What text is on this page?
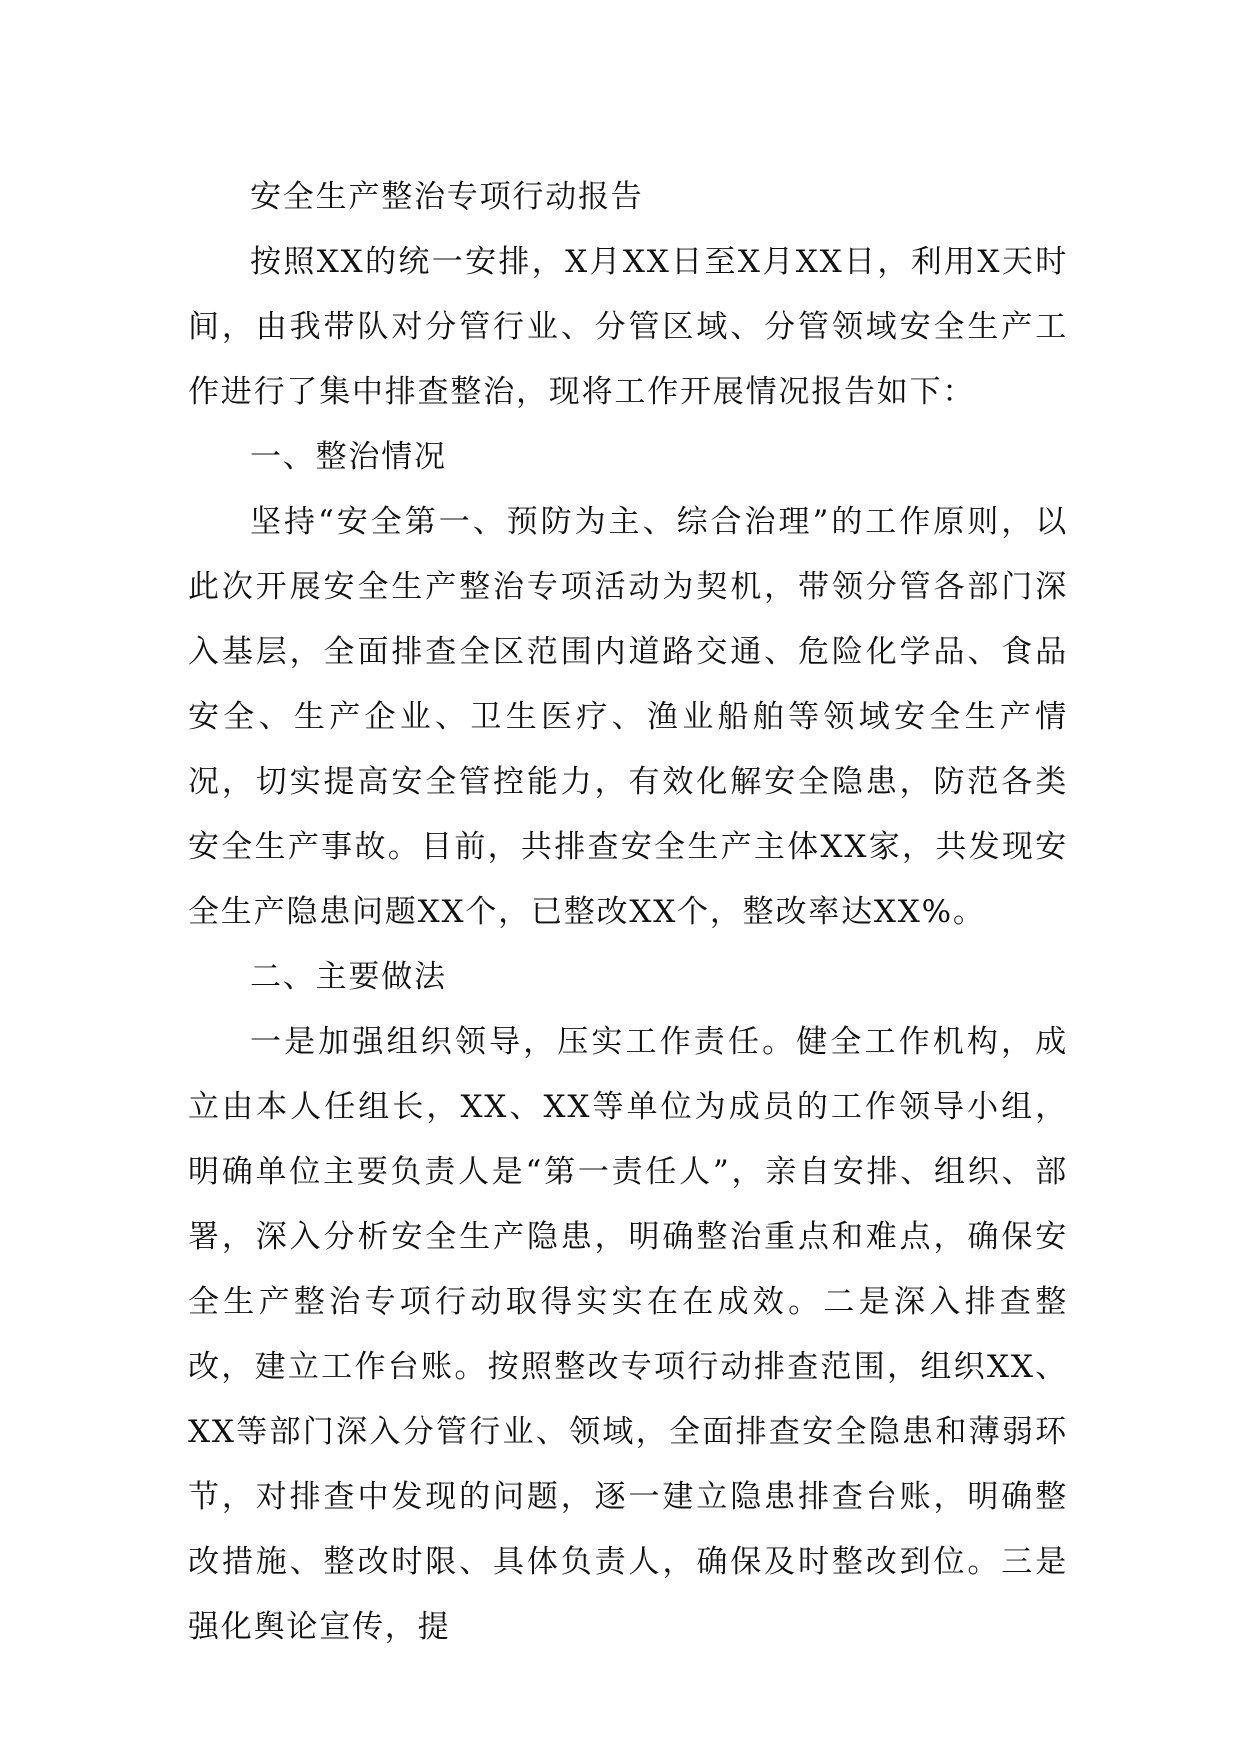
安全生产整治专项行动报告

按照XX的统一安排，X月XX日至X月XX日，利用X天时间，由我带队对分管行业、分管区域、分管领域安全生产工作进行了集中排查整治，现将工作开展情况报告如下：

一、整治情况

坚持“安全第一、预防为主、综合治理”的工作原则，以此次开展安全生产整治专项活动为契机，带领分管各部门深入基层，全面排查全区范围内道路交通、危险化学品、食品安全、生产企业、卫生医疗、渔业船舶等领域安全生产情况，切实提高安全管控能力，有效化解安全隐患，防范各类安全生产事故。目前，共排查安全生产主体XX家，共发现安全生产隐患问题XX个，已整改XX个，整改率达XX%。

二、主要做法

一是加强组织领导，压实工作责任。健全工作机构，成立由本人任组长，XX、XX等单位为成员的工作领导小组，明确单位主要负责人是“第一责任人”，亲自安排、组织、部署，深入分析安全生产隐患，明确整治重点和难点，确保安全生产整治专项行动取得实实在在成效。二是深入排查整改，建立工作台账。按照整改专项行动排查范围，组织XX、XX等部门深入分管行业、领域，全面排查安全隐患和薄弱环节，对排查中发现的问题，逐一建立隐患排查台账，明确整改措施、整改时限、具体负责人，确保及时整改到位。三是强化舆论宣传，提
